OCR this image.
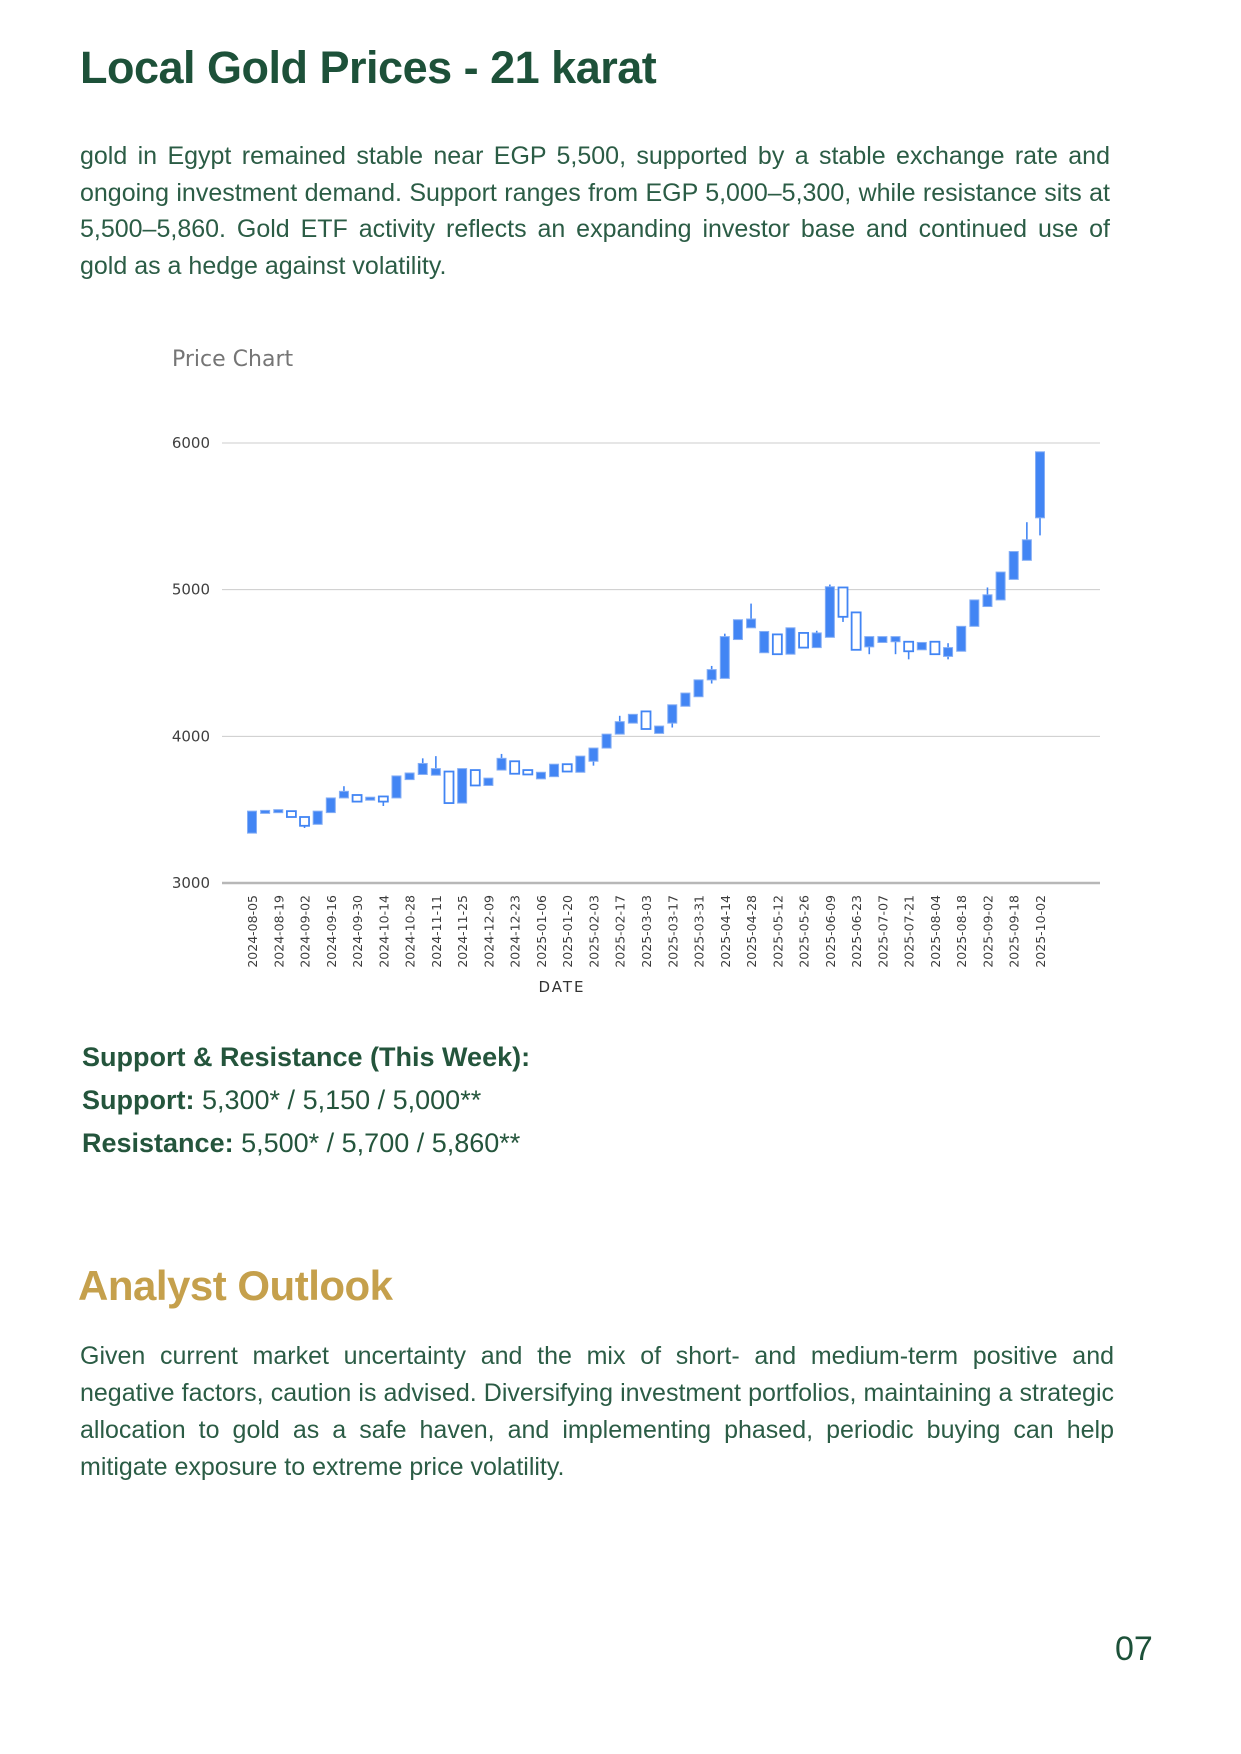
Local Gold Prices - 21 karat

gold in Egypt remained stable near EGP 5,500, supported by a stable exchange rate and ongoing investment demand. Support ranges from EGP 5,000–5,300, while resistance sits at 5,500–5,860. Gold ETF activity reflects an expanding investor base and continued use of gold as a hedge against volatility.

3000
4000
5000
6000
2024-08-05 2024-08-19 2024-09-02 2024-09-16 2024-09-30 2024-10-14 2024-10-28 2024-11-11 2024-11-25 2024-12-09 2024-12-23 2025-01-06 2025-01-20 2025-02-03 2025-02-17 2025-03-03 2025-03-17 2025-03-31 2025-04-14 2025-04-28 2025-05-12 2025-05-26 2025-06-09 2025-06-23 2025-07-07 2025-07-21 2025-08-04 2025-08-18 2025-09-02 2025-09-18 2025-10-02
Price Chart
DATE

Support & Resistance (This Week):

Support: 5,300* / 5,150 / 5,000**

Resistance: 5,500* / 5,700 / 5,860**

Analyst Outlook

Given current market uncertainty and the mix of short- and medium-term positive and negative factors, caution is advised. Diversifying investment portfolios, maintaining a strategic allocation to gold as a safe haven, and implementing phased, periodic buying can help mitigate exposure to extreme price volatility.

07
